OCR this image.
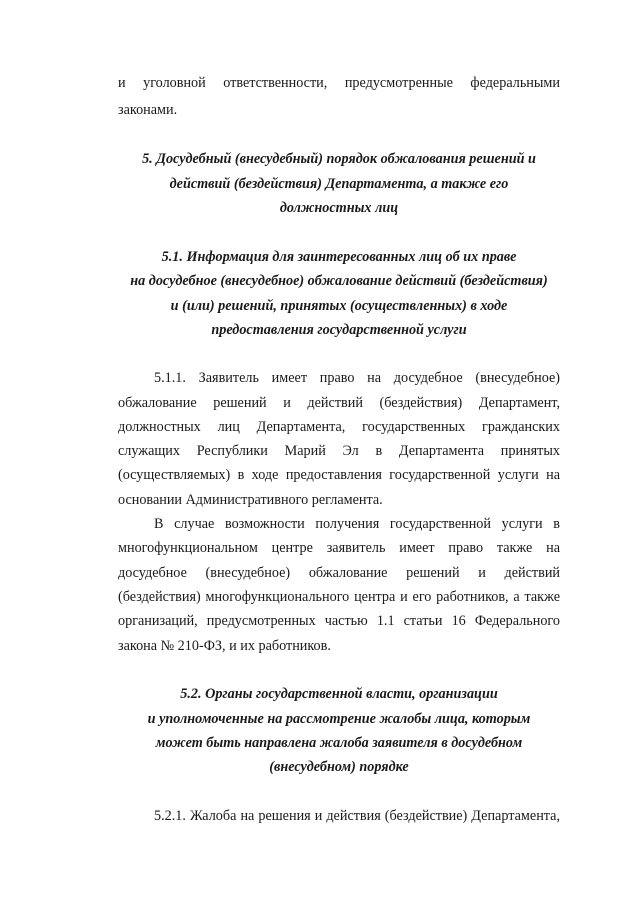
и уголовной ответственности, предусмотренные федеральными
законами.
5. Досудебный (внесудебный) порядок обжалования решений и
действий (бездействия) Департамента, а также его
должностных лиц
5.1. Информация для заинтересованных лиц об их праве
на досудебное (внесудебное) обжалование действий (бездействия)
и (или) решений, принятых (осуществленных) в ходе
предоставления государственной услуги
5.1.1. Заявитель имеет право на досудебное (внесудебное)
обжалование решений и действий (бездействия) Департамент,
должностных лиц Департамента, государственных гражданских
служащих Республики Марий Эл в Департамента принятых
(осуществляемых) в ходе предоставления государственной услуги на
основании Административного регламента.
В случае возможности получения государственной услуги в
многофункциональном центре заявитель имеет право также на
досудебное (внесудебное) обжалование решений и действий
(бездействия) многофункционального центра и его работников, а также
организаций, предусмотренных частью 1.1 статьи 16 Федерального
закона № 210-ФЗ, и их работников.
5.2. Органы государственной власти, организации
и уполномоченные на рассмотрение жалобы лица, которым
может быть направлена жалоба заявителя в досудебном
(внесудебном) порядке
5.2.1. Жалоба на решения и действия (бездействие) Департамента,
